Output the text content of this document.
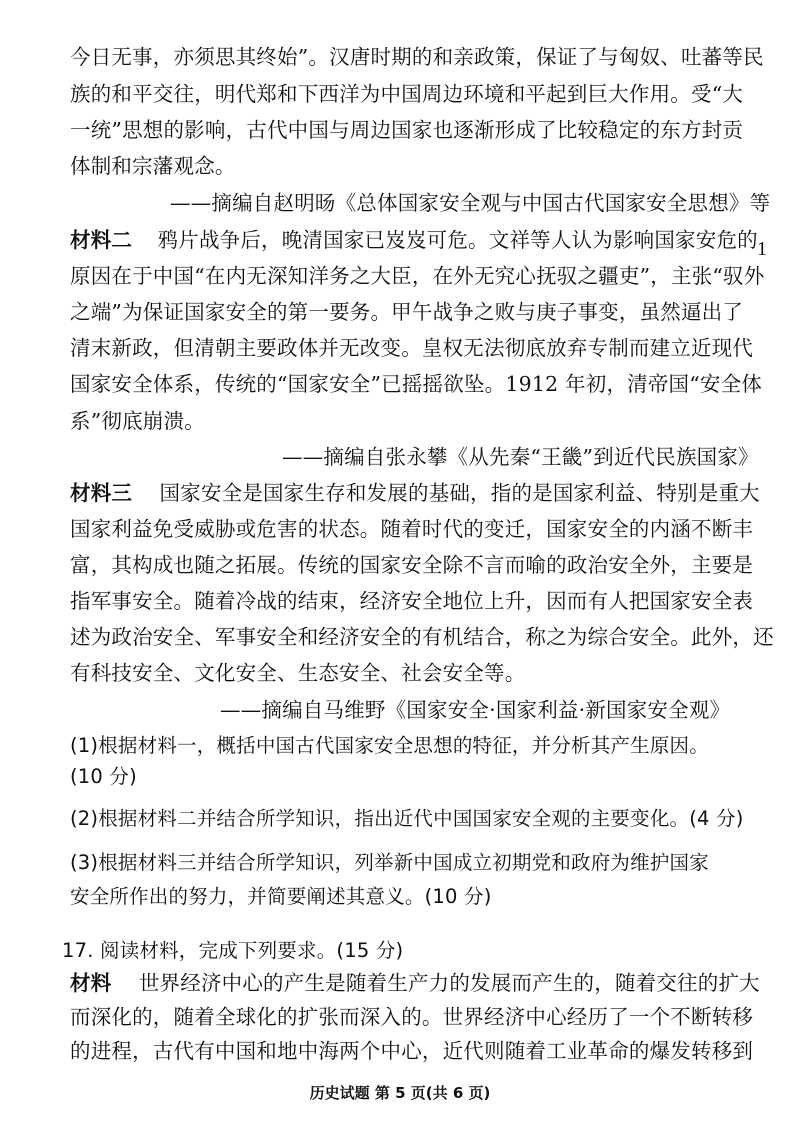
今日无事，亦须思其终始”。汉唐时期的和亲政策，保证了与匈奴、吐蕃等民
族的和平交往，明代郑和下西洋为中国周边环境和平起到巨大作用。受“大
一统”思想的影响，古代中国与周边国家也逐渐形成了比较稳定的东方封贡
体制和宗藩观念。
——摘编自赵明旸《总体国家安全观与中国古代国家安全思想》等
材料二 鸦片战争后，晚清国家已岌岌可危。文祥等人认为影响国家安危的 1
原因在于中国“在内无深知洋务之大臣，在外无究心抚驭之疆吏”，主张“驭外
之端”为保证国家安全的第一要务。甲午战争之败与庚子事变，虽然逼出了
清末新政，但清朝主要政体并无改变。皇权无法彻底放弃专制而建立近现代
国家安全体系，传统的“国家安全”已摇摇欲坠。1912 年初，清帝国“安全体
系”彻底崩溃。
——摘编自张永攀《从先秦“王畿”到近代民族国家》
材料三 国家安全是国家生存和发展的基础，指的是国家利益、特别是重大
国家利益免受威胁或危害的状态。随着时代的变迁，国家安全的内涵不断丰
富，其构成也随之拓展。传统的国家安全除不言而喻的政治安全外，主要是
指军事安全。随着冷战的结束，经济安全地位上升，因而有人把国家安全表
述为政治安全、军事安全和经济安全的有机结合，称之为综合安全。此外，还
有科技安全、文化安全、生态安全、社会安全等。
——摘编自马维野《国家安全·国家利益·新国家安全观》
(1)根据材料一，概括中国古代国家安全思想的特征，并分析其产生原因。
(10 分)
(2)根据材料二并结合所学知识，指出近代中国国家安全观的主要变化。(4 分)
(3)根据材料三并结合所学知识，列举新中国成立初期党和政府为维护国家
安全所作出的努力，并简要阐述其意义。(10 分)
17. 阅读材料，完成下列要求。(15 分)
材料 世界经济中心的产生是随着生产力的发展而产生的，随着交往的扩大
而深化的，随着全球化的扩张而深入的。世界经济中心经历了一个不断转移
的进程，古代有中国和地中海两个中心，近代则随着工业革命的爆发转移到
历史试题 第 5 页(共 6 页)
